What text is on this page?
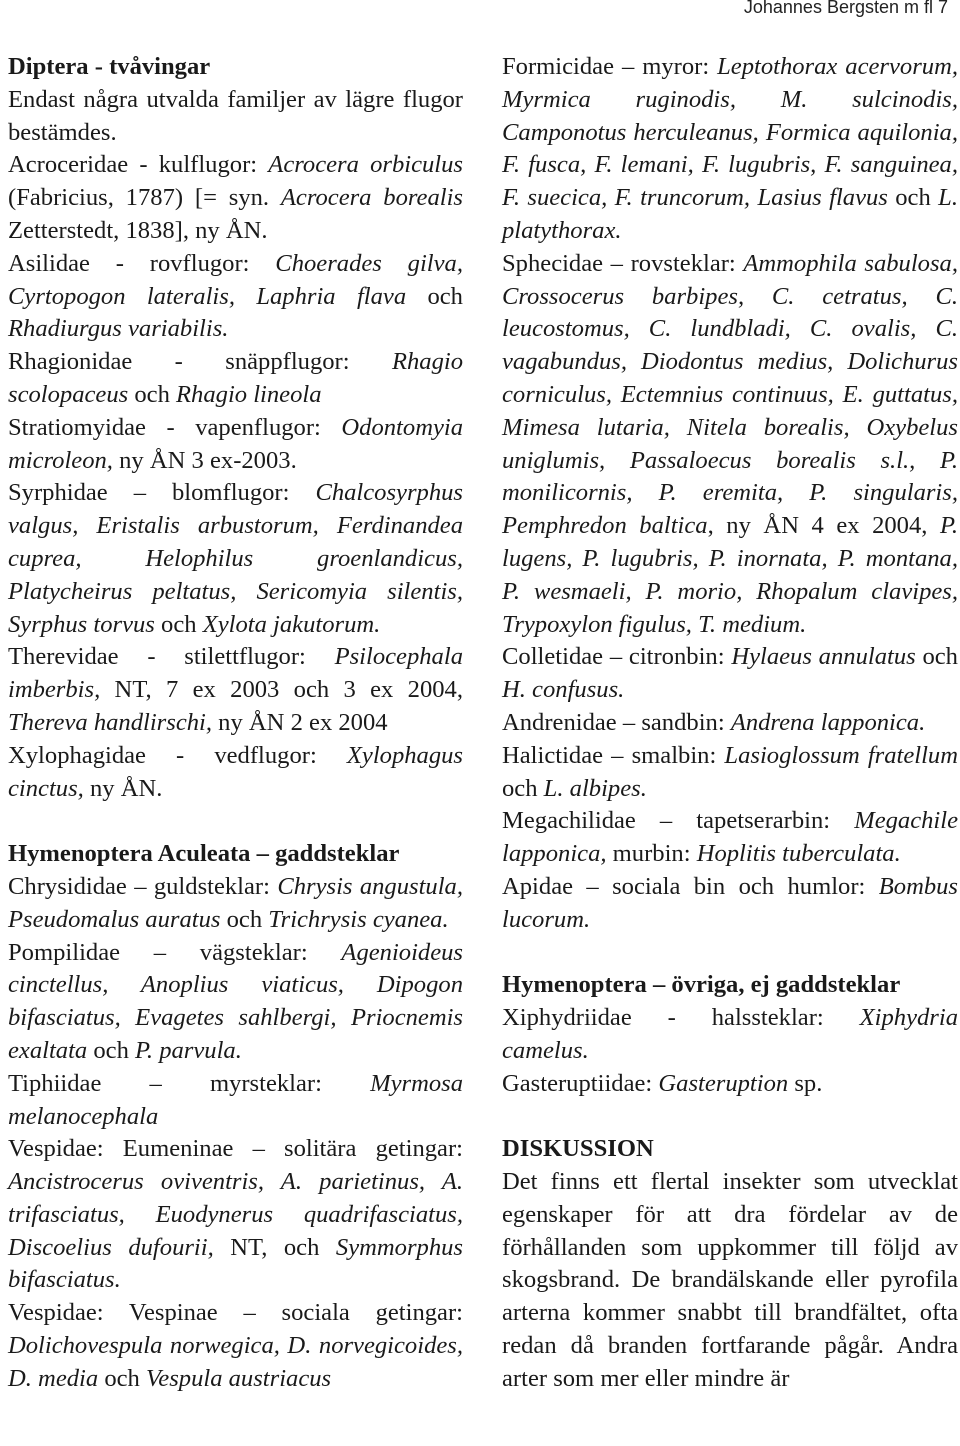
Johannes Bergsten m fl 7

Diptera - tvåvingar

Endast några utvalda familjer av lägre flugor bestämdes.

Acroceridae - kulflugor: Acrocera orbiculus (Fabricius, 1787) [= syn. Acrocera borealis Zetterstedt, 1838], ny ÅN.

Asilidae - rovflugor: Choerades gilva, Cyrtopogon lateralis, Laphria flava och Rhadiurgus variabilis.

Rhagionidae - snäppflugor: Rhagio scolopaceus och Rhagio lineola

Stratiomyidae - vapenflugor: Odontomyia microleon, ny ÅN 3 ex-2003.

Syrphidae – blomflugor: Chalcosyrphus valgus, Eristalis arbustorum, Ferdinandea cuprea, Helophilus groenlandicus, Platycheirus peltatus, Sericomyia silentis, Syrphus torvus och Xylota jakutorum.

Therevidae - stilettflugor: Psilocephala imberbis, NT, 7 ex 2003 och 3 ex 2004, Thereva handlirschi, ny ÅN 2 ex 2004

Xylophagidae - vedflugor: Xylophagus cinctus, ny ÅN.

Hymenoptera Aculeata – gaddsteklar

Chrysididae – guldsteklar: Chrysis angustula, Pseudomalus auratus och Trichrysis cyanea.

Pompilidae – vägsteklar: Agenioideus cinctellus, Anoplius viaticus, Dipogon bifasciatus, Evagetes sahlbergi, Priocnemis exaltata och P. parvula.

Tiphiidae – myrsteklar: Myrmosa melanocephala

Vespidae: Eumeninae – solitära getingar: Ancistrocerus oviventris, A. parietinus, A. trifasciatus, Euodynerus quadrifasciatus, Discoelius dufourii, NT, och Symmorphus bifasciatus.

Vespidae: Vespinae – sociala getingar: Dolichovespula norwegica, D. norvegicoides, D. media och Vespula austriacus

Formicidae – myror: Leptothorax acervorum, Myrmica ruginodis, M. sulcinodis, Camponotus herculeanus, Formica aquilonia, F. fusca, F. lemani, F. lugubris, F. sanguinea, F. suecica, F. truncorum, Lasius flavus och L. platythorax.

Sphecidae – rovsteklar: Ammophila sabulosa, Crossocerus barbipes, C. cetratus, C. leucostomus, C. lundbladi, C. ovalis, C. vagabundus, Diodontus medius, Dolichurus corniculus, Ectemnius continuus, E. guttatus, Mimesa lutaria, Nitela borealis, Oxybelus uniglumis, Passaloecus borealis s.l., P. monilicornis, P. eremita, P. singularis, Pemphredon baltica, ny ÅN 4 ex 2004, P. lugens, P. lugubris, P. inornata, P. montana, P. wesmaeli, P. morio, Rhopalum clavipes, Trypoxylon figulus, T. medium.

Colletidae – citronbin: Hylaeus annulatus och H. confusus.

Andrenidae – sandbin: Andrena lapponica.

Halictidae – smalbin: Lasioglossum fratellum och L. albipes.

Megachilidae – tapetserarbin: Megachile lapponica, murbin: Hoplitis tuberculata.

Apidae – sociala bin och humlor: Bombus lucorum.

Hymenoptera – övriga, ej gaddsteklar

Xiphydriidae - halssteklar: Xiphydria camelus.

Gasteruptiidae: Gasteruption sp.

DISKUSSION

Det finns ett flertal insekter som utvecklat egenskaper för att dra fördelar av de förhållanden som uppkommer till följd av skogsbrand. De brandälskande eller pyrofila arterna kommer snabbt till brandfältet, ofta redan då branden fortfarande pågår. Andra arter som mer eller mindre är
